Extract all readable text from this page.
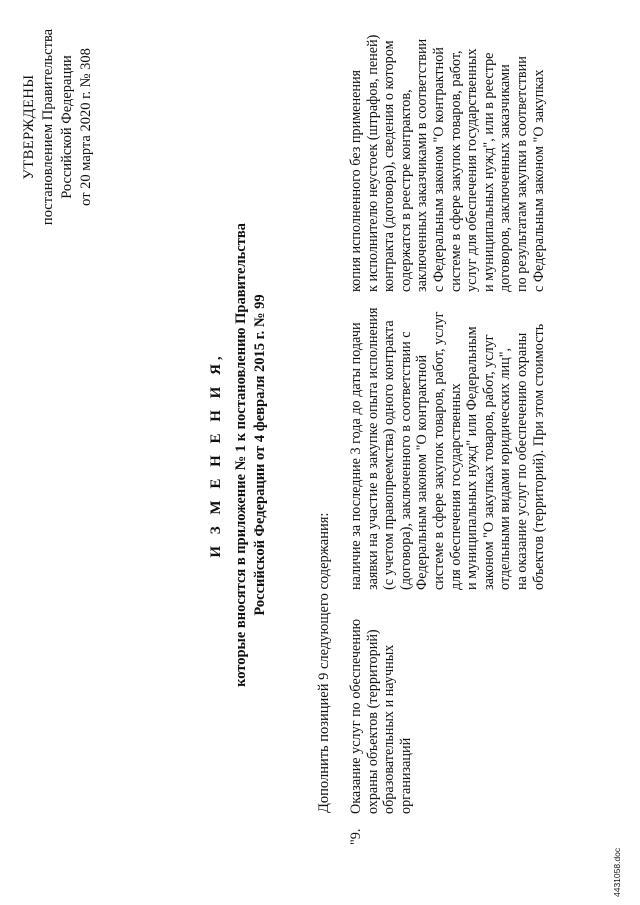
УТВЕРЖДЕНЫ постановлением Правительства Российской Федерации от 20 марта 2020 г. № 308
И З М Е Н Е Н И Я, которые вносятся в приложение № 1 к постановлению Правительства Российской Федерации от 4 февраля 2015 г. № 99
Дополнить позицией 9 следующего содержания:
"9.
Оказание услуг по обеспечению охраны объектов (территорий) образовательных и научных организаций
наличие за последние 3 года до даты подачи заявки на участие в закупке опыта исполнения (с учетом правопреемства) одного контракта (договора), заключенного в соответствии с Федеральным законом "О контрактной системе в сфере закупок товаров, работ, услуг для обеспечения государственных и муниципальных нужд" или Федеральным законом "О закупках товаров, работ, услуг отдельными видами юридических лиц", на оказание услуг по обеспечению охраны объектов (территорий). При этом стоимость
копия исполненного без применения к исполнителю неустоек (штрафов, пеней) контракта (договора), сведения о котором содержатся в реестре контрактов, заключенных заказчиками в соответствии с Федеральным законом "О контрактной системе в сфере закупок товаров, работ, услуг для обеспечения государственных и муниципальных нужд", или в реестре договоров, заключенных заказчиками по результатам закупки в соответствии с Федеральным законом "О закупках
4431058.doc
